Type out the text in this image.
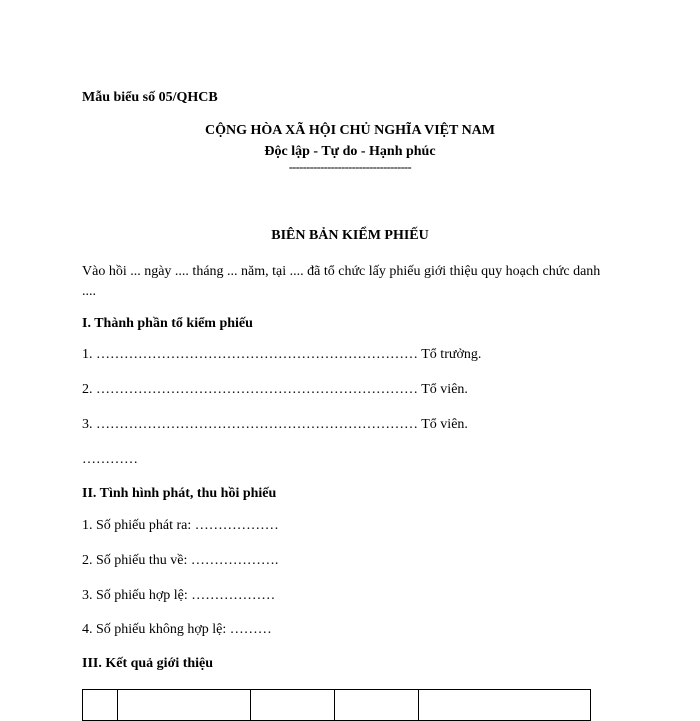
Mẫu biểu số 05/QHCB
CỘNG HÒA XÃ HỘI CHỦ NGHĨA VIỆT NAM
Độc lập - Tự do - Hạnh phúc
-----------------------------------
BIÊN BẢN KIỂM PHIẾU
Vào hồi ... ngày .... tháng ... năm, tại .... đã tổ chức lấy phiếu giới thiệu quy hoạch chức danh ....
I. Thành phần tổ kiểm phiếu
1. …………………………………………………………… Tổ trưởng.
2. …………………………………………………………… Tổ viên.
3. …………………………………………………………… Tổ viên.
…………
II. Tình hình phát, thu hồi phiếu
1. Số phiếu phát ra: ………………
2. Số phiếu thu về: ……………….
3. Số phiếu hợp lệ: ………………
4. Số phiếu không hợp lệ: ………
III. Kết quả giới thiệu
